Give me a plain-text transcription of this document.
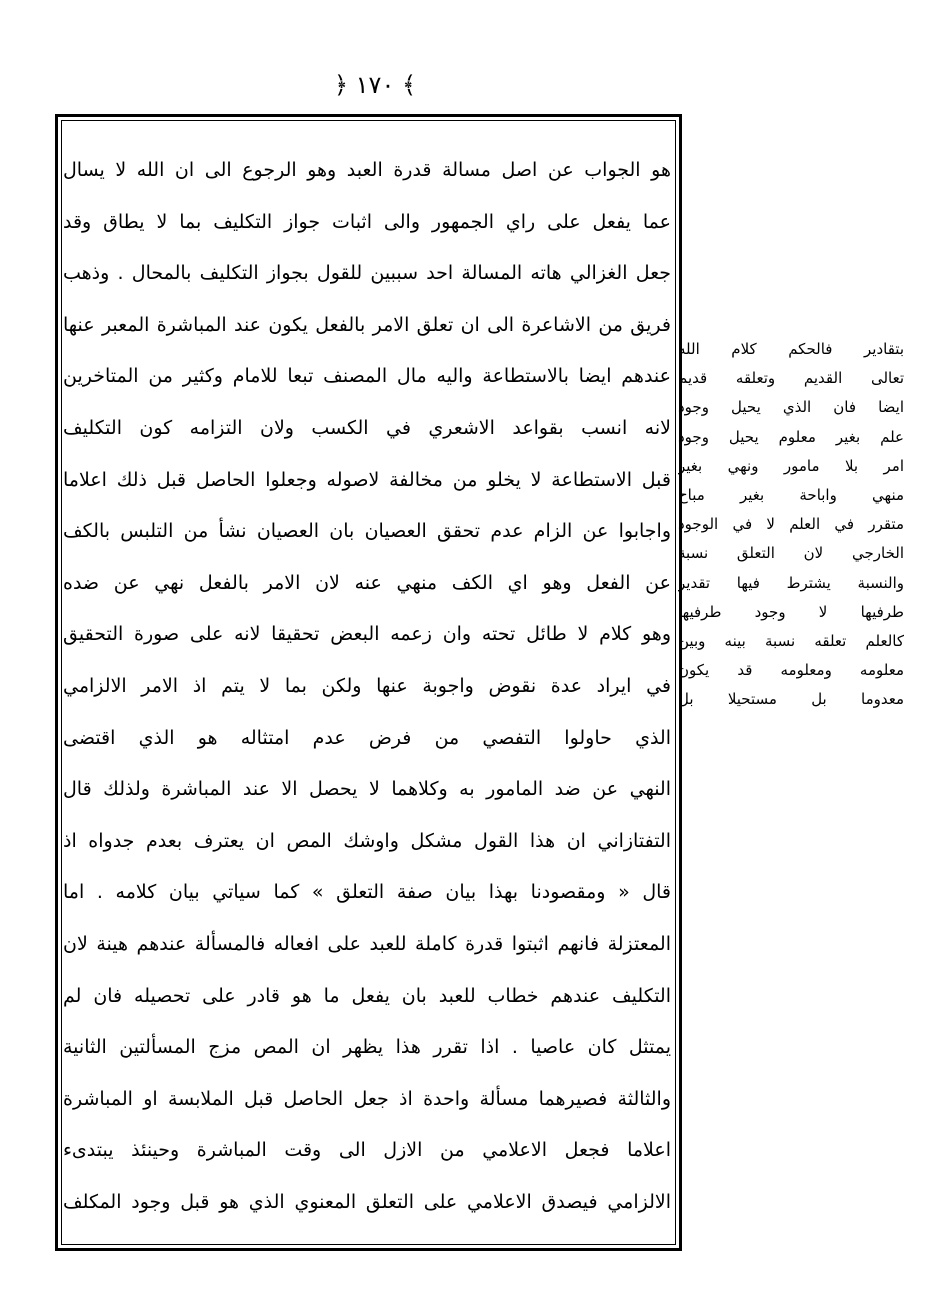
﴿ ١٧٠ ﴾
هو الجواب عن اصل مسالة قدرة العبد وهو الرجوع الى ان الله لا يسال
عما يفعل على راي الجمهور والى اثبات جواز التكليف بما لا يطاق وقد
جعل الغزالي هاته المسالة احد سببين للقول بجواز التكليف بالمحال . وذهب
فريق من الاشاعرة الى ان تعلق الامر بالفعل يكون عند المباشرة المعبر عنها
عندهم ايضا بالاستطاعة واليه مال المصنف تبعا للامام وكثير من المتاخرين
لانه انسب بقواعد الاشعري في الكسب ولان التزامه كون التكليف
قبل الاستطاعة لا يخلو من مخالفة لاصوله وجعلوا الحاصل قبل ذلك اعلاما
واجابوا عن الزام عدم تحقق العصيان بان العصيان نشأ من التلبس بالكف
عن الفعل وهو اي الكف منهي عنه لان الامر بالفعل نهي عن ضده
وهو كلام لا طائل تحته وان زعمه البعض تحقيقا لانه على صورة التحقيق
في ايراد عدة نقوض واجوبة عنها ولكن بما لا يتم اذ الامر الالزامي
الذي حاولوا التفصي من فرض عدم امتثاله هو الذي اقتضى
النهي عن ضد المامور به وكلاهما لا يحصل الا عند المباشرة ولذلك قال
التفتازاني ان هذا القول مشكل واوشك المص ان يعترف بعدم جدواه اذ
قال « ومقصودنا بهذا بيان صفة التعلق » كما سياتي بيان كلامه . اما
المعتزلة فانهم اثبتوا قدرة كاملة للعبد على افعاله فالمسألة عندهم هينة لان
التكليف عندهم خطاب للعبد بان يفعل ما هو قادر على تحصيله فان لم
يمتثل كان عاصيا . اذا تقرر هذا يظهر ان المص مزج المسألتين الثانية
والثالثة فصيرهما مسألة واحدة اذ جعل الحاصل قبل الملابسة او المباشرة
اعلاما فجعل الاعلامي من الازل الى وقت المباشرة وحينئذ يبتدىء
الالزامي فيصدق الاعلامي على التعلق المعنوي الذي هو قبل وجود المكلف
بتقادير فالحكم كلام الله
تعالى القديم وتعلقه قديم
ايضا فان الذي يحيل وجود
علم بغير معلوم يحيل وجود
امر بلا مامور ونهي بغير
منهي واباحة بغير مباح
متقرر في العلم لا في الوجود
الخارجي لان التعلق نسبة
والنسبة يشترط فيها تقدير
طرفيها لا وجود طرفيها
كالعلم تعلقه نسبة بينه وبين
معلومه ومعلومه قد يكون
معدوما بل مستحيلا بل
